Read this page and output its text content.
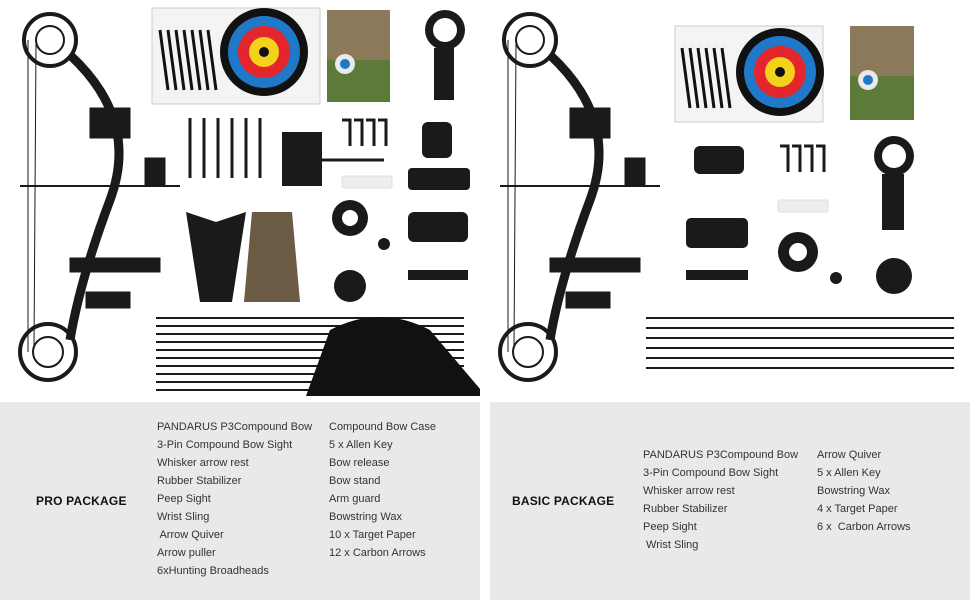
PRO PACKAGE
PANDARUS P3Compound Bow
3-Pin Compound Bow Sight
Whisker arrow rest
Rubber Stabilizer
Peep Sight
Wrist Sling
Arrow Quiver
Arrow puller
6xHunting Broadheads
Compound Bow Case
5 x Allen Key
Bow release
Bow stand
Arm guard
Bowstring Wax
10 x Target Paper
12 x Carbon Arrows
BASIC PACKAGE
PANDARUS P3Compound Bow
3-Pin Compound Bow Sight
Whisker arrow rest
Rubber Stabilizer
Peep Sight
Wrist Sling
Arrow Quiver
5 x Allen Key
Bowstring Wax
4 x Target Paper
6 x  Carbon Arrows
